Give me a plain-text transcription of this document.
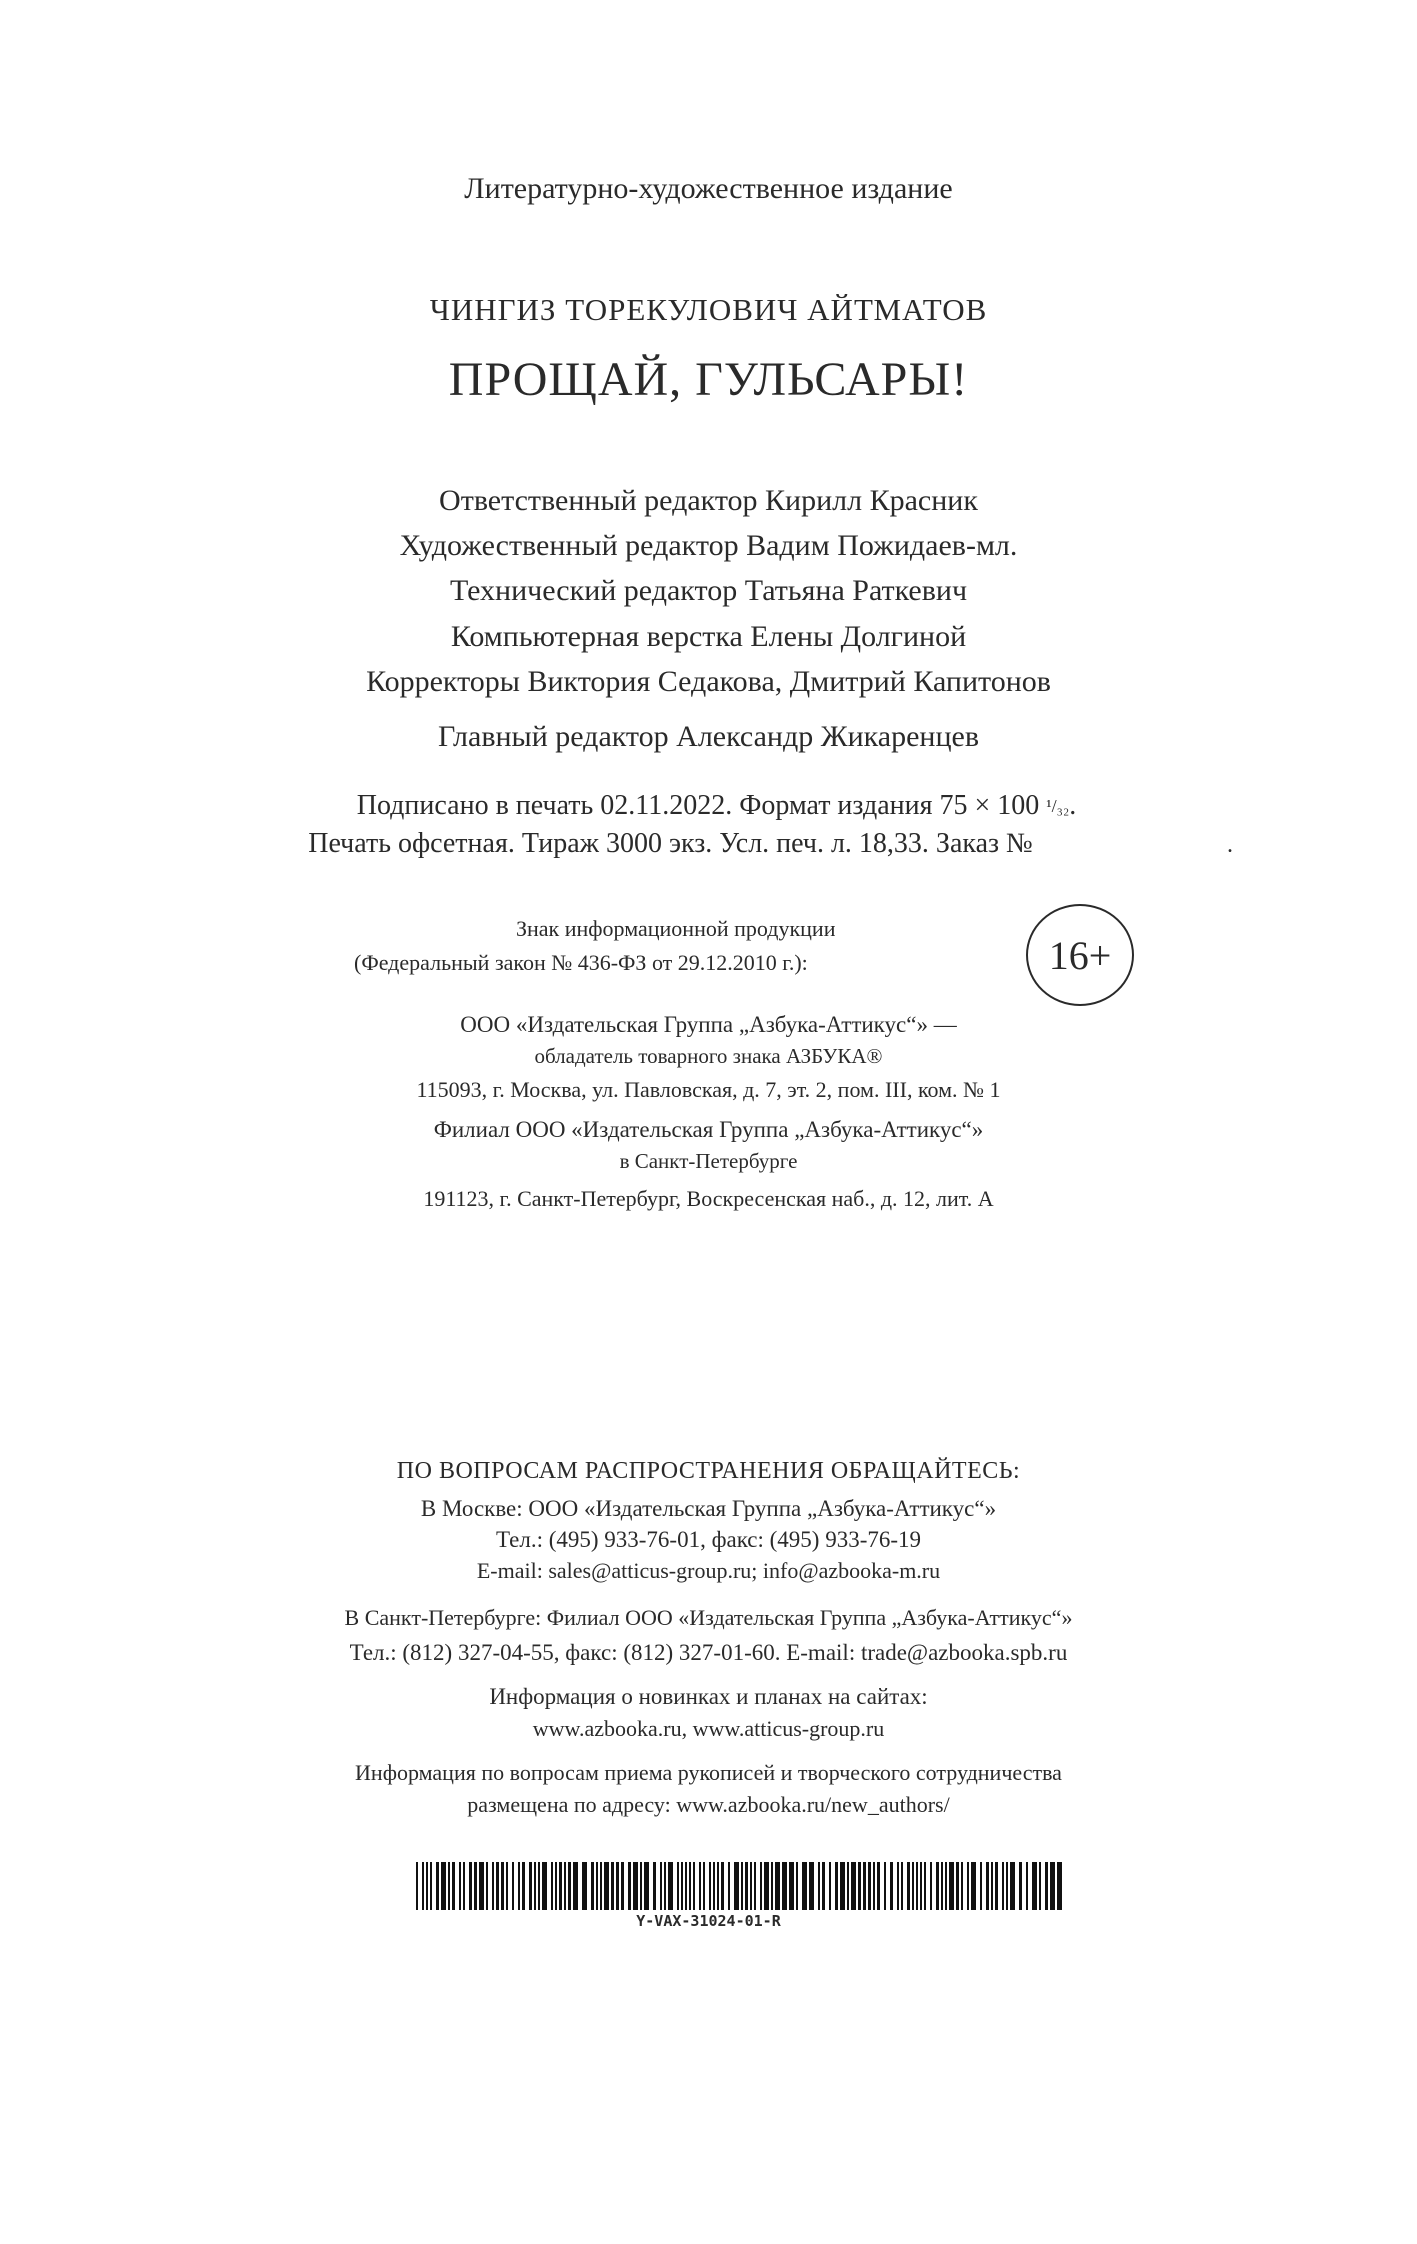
Литературно-художественное издание
ЧИНГИЗ ТОРЕКУЛОВИЧ АЙТМАТОВ
ПРОЩАЙ, ГУЛЬСАРЫ!
Ответственный редактор Кирилл Красник
Художественный редактор Вадим Пожидаев-мл.
Технический редактор Татьяна Раткевич
Компьютерная верстка Елены Долгиной
Корректоры Виктория Седакова, Дмитрий Капитонов
Главный редактор Александр Жикаренцев
Подписано в печать 02.11.2022. Формат издания 75 × 100 ¹/₃₂.
Печать офсетная. Тираж 3000 экз. Усл. печ. л. 18,33. Заказ №	.
Знак информационной продукции
(Федеральный закон № 436-ФЗ от 29.12.2010 г.):	16+
ООО «Издательская Группа „Азбука-Аттикус“» —
обладатель товарного знака АЗБУКА®
115093, г. Москва, ул. Павловская, д. 7, эт. 2, пом. III, ком. № 1
Филиал ООО «Издательская Группа „Азбука-Аттикус“»
в Санкт-Петербурге
191123, г. Санкт-Петербург, Воскресенская наб., д. 12, лит. А
ПО ВОПРОСАМ РАСПРОСТРАНЕНИЯ ОБРАЩАЙТЕСЬ:
В Москве: ООО «Издательская Группа „Азбука-Аттикус“»
Тел.: (495) 933-76-01, факс: (495) 933-76-19
E-mail: sales@atticus-group.ru; info@azbooka-m.ru
В Санкт-Петербурге: Филиал ООО «Издательская Группа „Азбука-Аттикус“»
Тел.: (812) 327-04-55, факс: (812) 327-01-60. E-mail: trade@azbooka.spb.ru
Информация о новинках и планах на сайтах:
www.azbooka.ru, www.atticus-group.ru
Информация по вопросам приема рукописей и творческого сотрудничества
размещена по адресу: www.azbooka.ru/new_authors/
Y-VAX-31024-01-R
